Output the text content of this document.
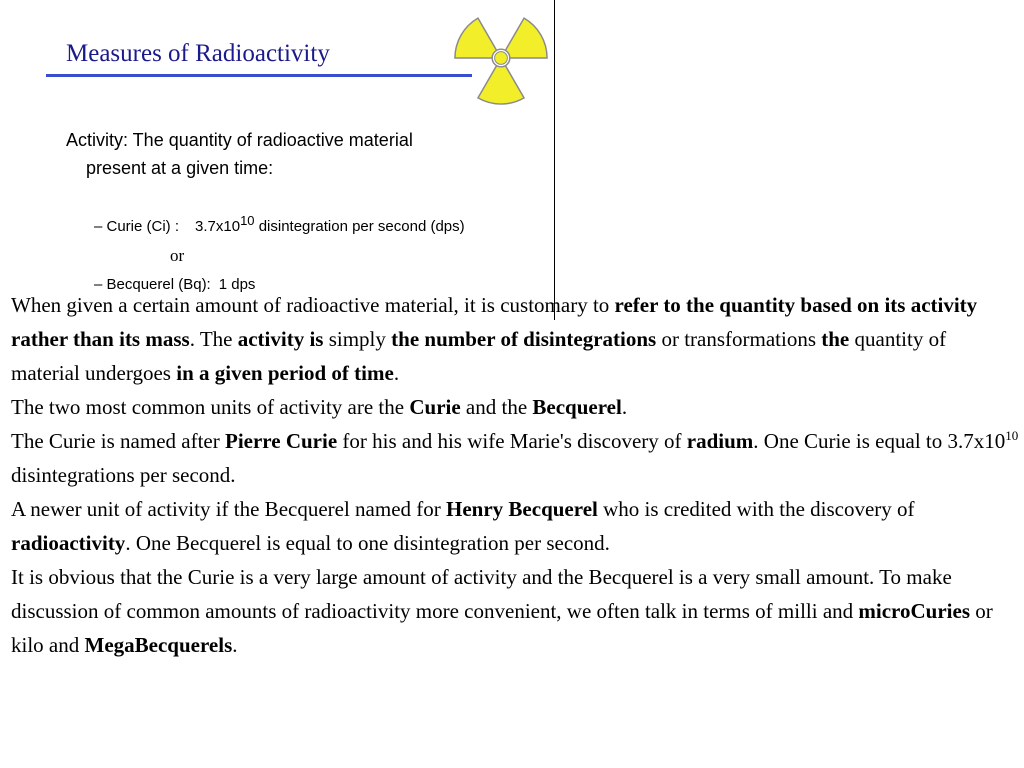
Measures of Radioactivity
Activity: The quantity of radioactive material
present at a given time:
– Curie (Ci) : $3.7x10^{10}$ disintegration per second (dps)
or
– Becquerel (Bq): 1 dps

When given a certain amount of radioactive material, it is customary to refer to the quantity based on its activity rather than its mass. The activity is simply the number of disintegrations or transformations the quantity of material undergoes in a given period of time.

The two most common units of activity are the Curie and the Becquerel.

The Curie is named after Pierre Curie for his and his wife Marie's discovery of radium. One Curie is equal to $3.7x10^{10}$ disintegrations per second.

A newer unit of activity if the Becquerel named for Henry Becquerel who is credited with the discovery of radioactivity. One Becquerel is equal to one disintegration per second.

It is obvious that the Curie is a very large amount of activity and the Becquerel is a very small amount. To make discussion of common amounts of radioactivity more convenient, we often talk in terms of milli and microCuries or kilo and MegaBecquerels.
